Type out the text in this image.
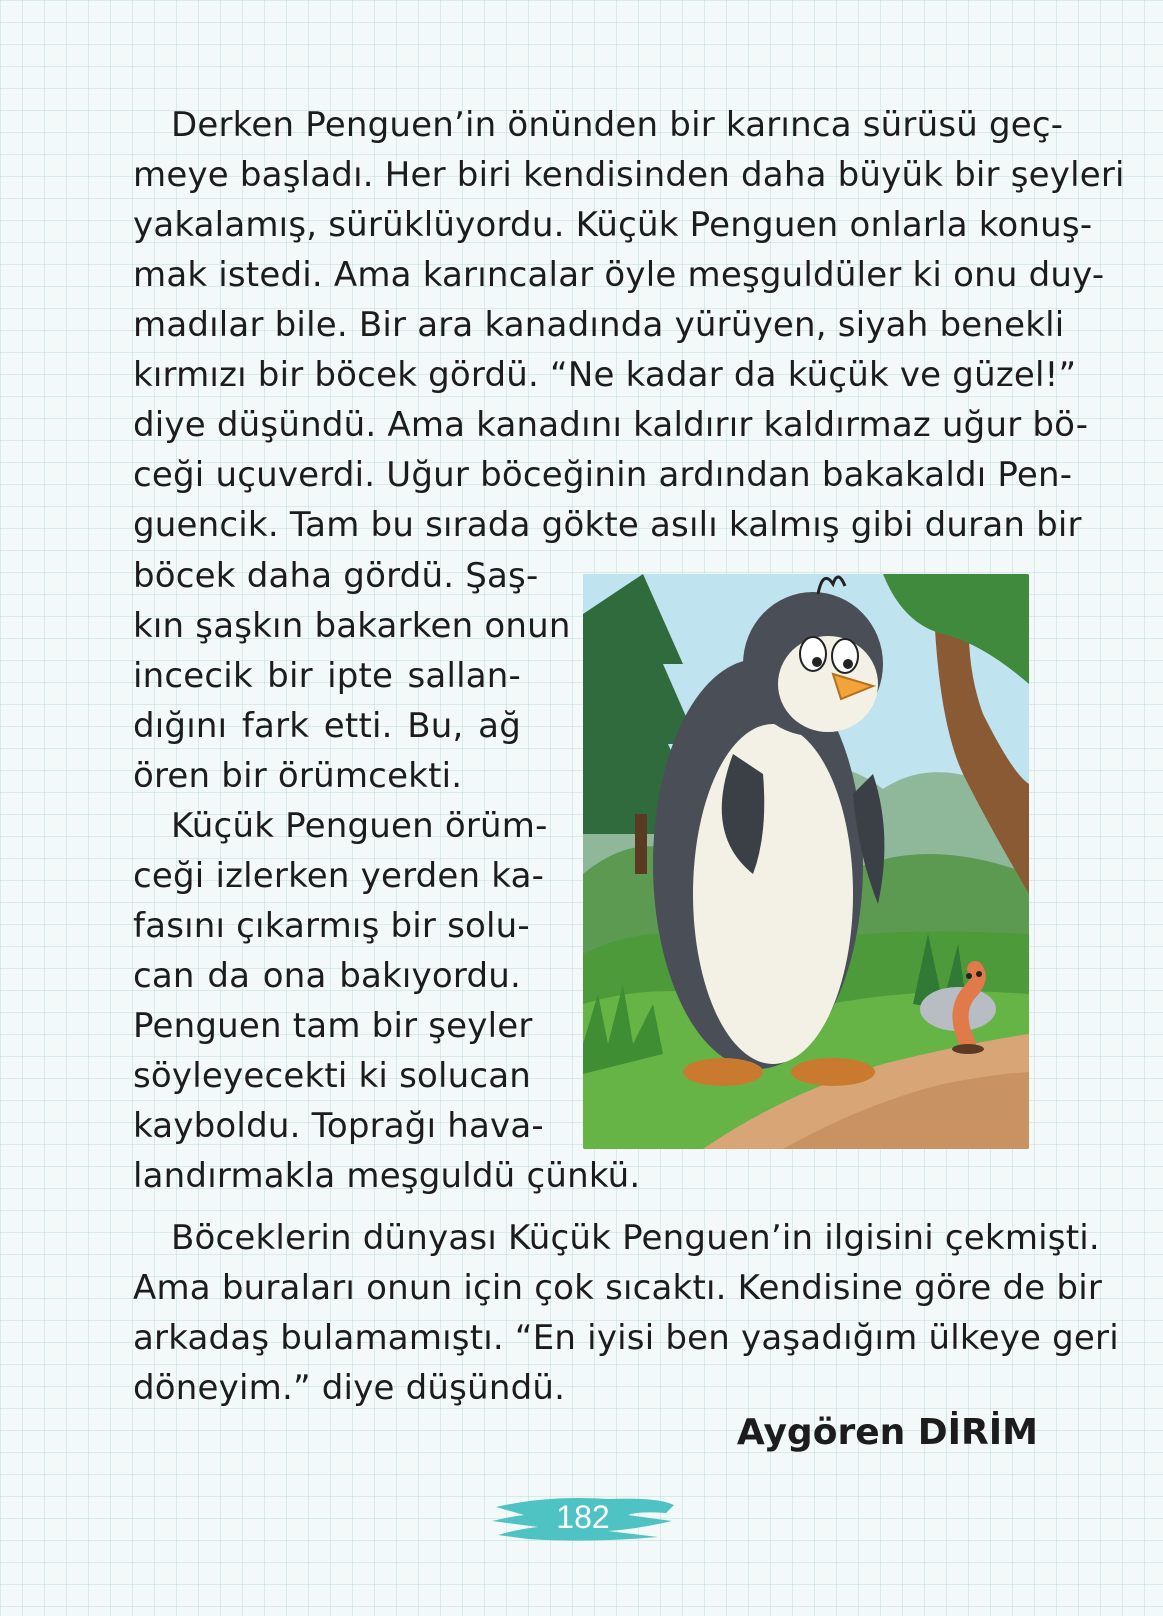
Derken Penguen’in önünden bir karınca sürüsü geç-
meye başladı. Her biri kendisinden daha büyük bir şeyleri
yakalamış, sürüklüyordu. Küçük Penguen onlarla konuş-
mak istedi. Ama karıncalar öyle meşguldüler ki onu duy-
madılar bile. Bir ara kanadında yürüyen, siyah benekli
kırmızı bir böcek gördü. “Ne kadar da küçük ve güzel!”
diye düşündü. Ama kanadını kaldırır kaldırmaz uğur bö-
ceği uçuverdi. Uğur böceğinin ardından bakakaldı Pen-
guencik. Tam bu sırada gökte asılı kalmış gibi duran bir
böcek daha gördü. Şaş-
kın şaşkın bakarken onun
incecik bir ipte sallan-
dığını fark etti. Bu, ağ
ören bir örümcekti.
Küçük Penguen örüm-
ceği izlerken yerden ka-
fasını çıkarmış bir solu-
can da ona bakıyordu.
Penguen tam bir şeyler
söyleyecekti ki solucan
kayboldu. Toprağı hava-
landırmakla meşguldü çünkü.
Böceklerin dünyası Küçük Penguen’in ilgisini çekmişti.
Ama buraları onun için çok sıcaktı. Kendisine göre de bir
arkadaş bulamamıştı. “En iyisi ben yaşadığım ülkeye geri
döneyim.” diye düşündü.
Aygören DİRİM
182
